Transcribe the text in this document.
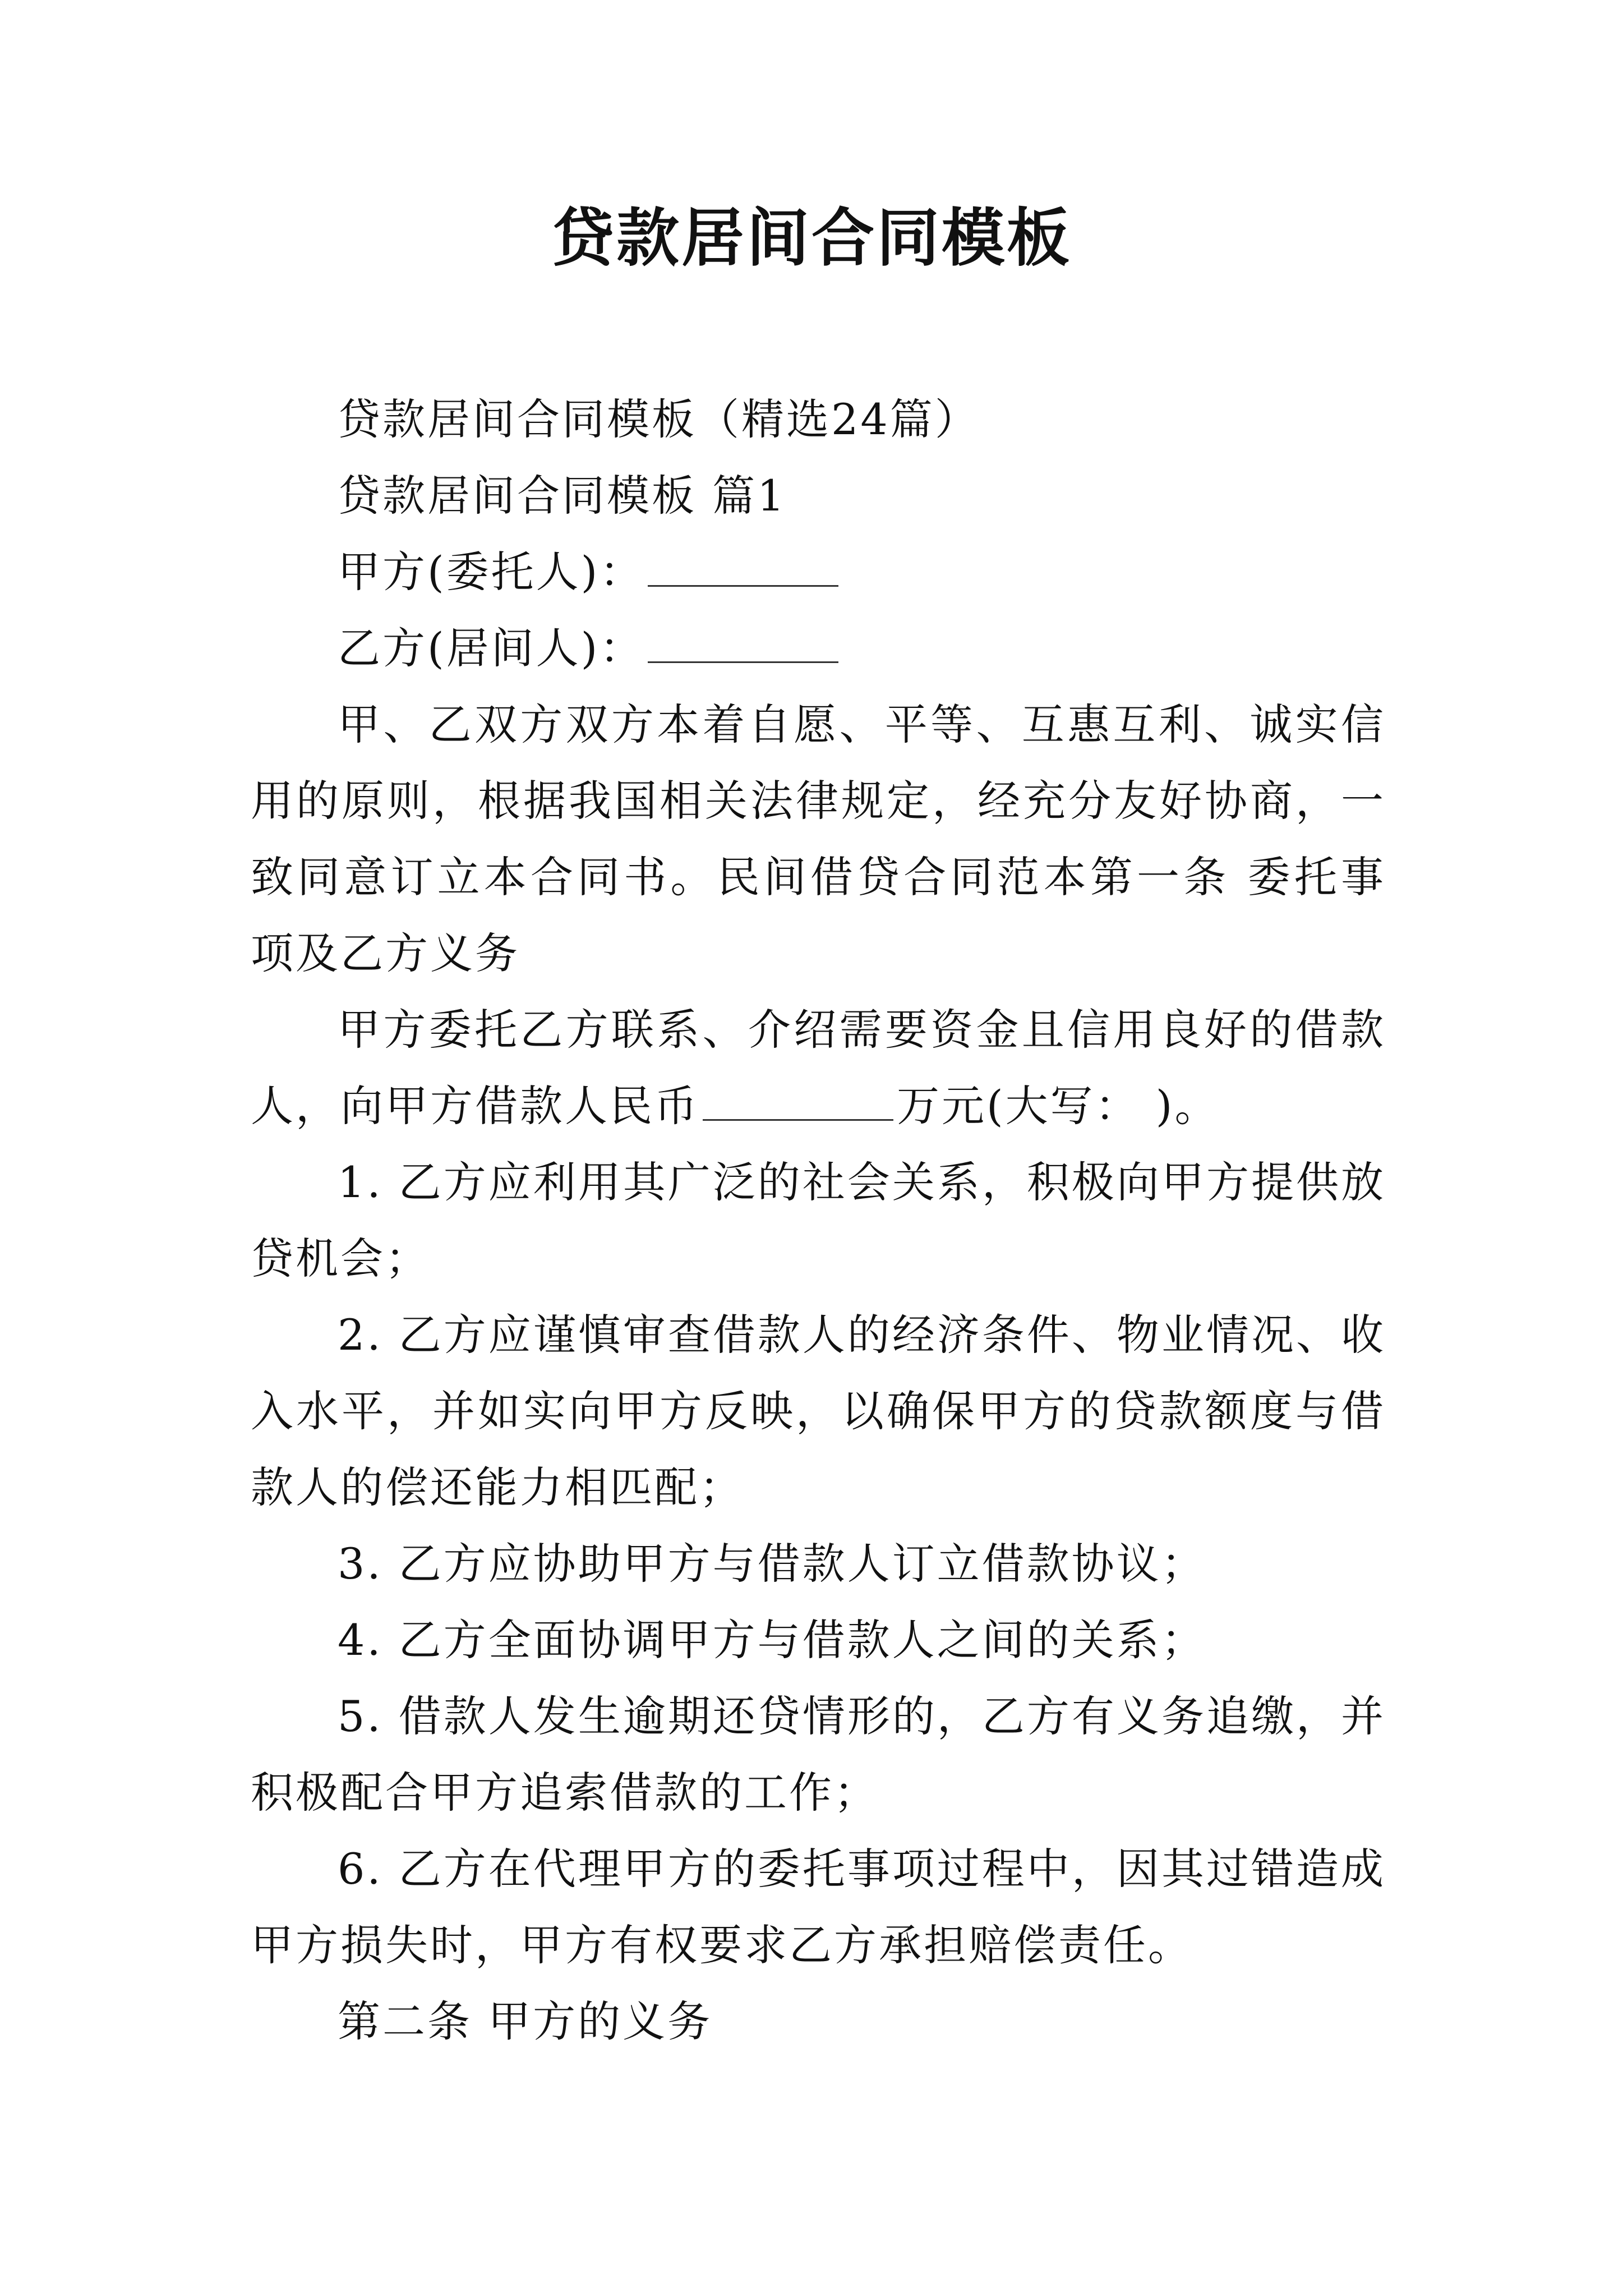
贷款居间合同模板

贷款居间合同模板（精选24篇）

贷款居间合同模板 篇1

甲方(委托人)：

乙方(居间人)：

甲、乙双方双方本着自愿、平等、互惠互利、诚实信用的原则，根据我国相关法律规定，经充分友好协商，一致同意订立本合同书。民间借贷合同范本第一条 委托事项及乙方义务

甲方委托乙方联系、介绍需要资金且信用良好的借款人，向甲方借款人民币	万元(大写： )。

1. 乙方应利用其广泛的社会关系，积极向甲方提供放贷机会；

2. 乙方应谨慎审查借款人的经济条件、物业情况、收入水平，并如实向甲方反映，以确保甲方的贷款额度与借款人的偿还能力相匹配；

3. 乙方应协助甲方与借款人订立借款协议；

4. 乙方全面协调甲方与借款人之间的关系；

5. 借款人发生逾期还贷情形的，乙方有义务追缴，并积极配合甲方追索借款的工作；

6. 乙方在代理甲方的委托事项过程中，因其过错造成甲方损失时，甲方有权要求乙方承担赔偿责任。

第二条 甲方的义务
